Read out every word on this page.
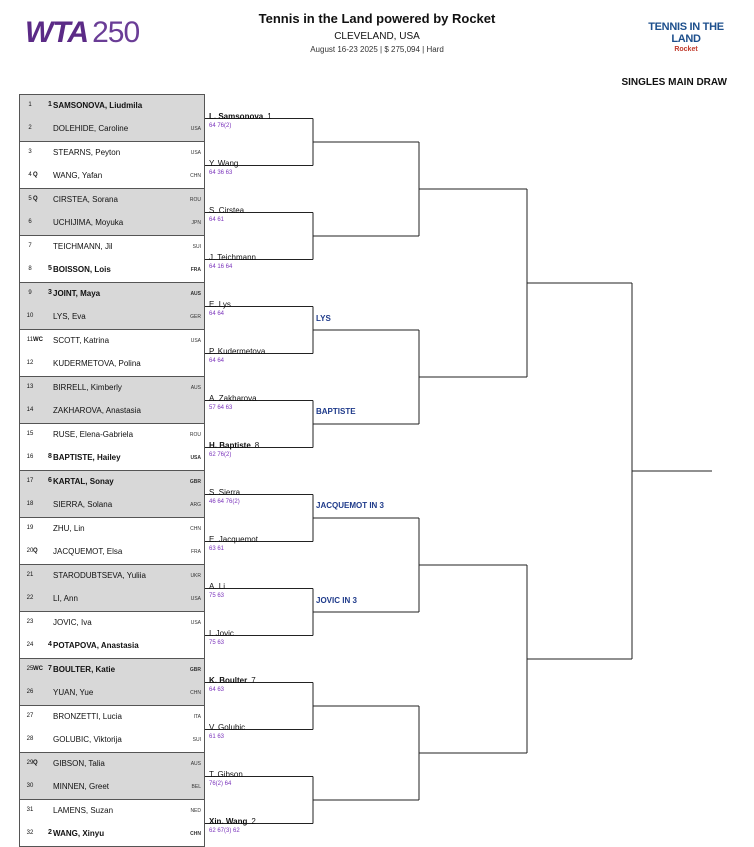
WTA 250	Tennis in the Land powered by Rocket
CLEVELAND, USA
August 16-23 2025 | $ 275,094 | Hard
TENNIS IN THE LAND
Rocket
SINGLES MAIN DRAW
1	1 SAMSONOVA, Liudmila
2	DOLEHIDE, Caroline	USA
3	STEARNS, Peyton	USA
4 Q WANG, Yafan	CHN
5 Q CIRSTEA, Sorana	ROU
6	UCHIJIMA, Moyuka	JPN
7	TEICHMANN, Jil	SUI
8	5 BOISSON, Lois	FRA
9	3 JOINT, Maya	AUS
10	LYS, Eva	GER
11 WC SCOTT, Katrina	USA
12	KUDERMETOVA, Polina
13	BIRRELL, Kimberly	AUS
14	ZAKHAROVA, Anastasia
15	RUSE, Elena-Gabriela	ROU
16	8 BAPTISTE, Hailey	USA
17	6 KARTAL, Sonay	GBR
18	SIERRA, Solana	ARG
19	ZHU, Lin	CHN
20 Q JACQUEMOT, Elsa	FRA
21	STARODUBTSEVA, Yuliia	UKR
22	LI, Ann	USA
23	JOVIC, Iva	USA
24	4 POTAPOVA, Anastasia
25 WC 7 BOULTER, Katie	GBR
26	YUAN, Yue	CHN
27	BRONZETTI, Lucia	ITA
28	GOLUBIC, Viktorija	SUI
29 Q GIBSON, Talia	AUS
30	MINNEN, Greet	BEL
31	LAMENS, Suzan	NED
32	2 WANG, Xinyu	CHN
L. Samsonova 1
64 76(2)
Y. Wang
64 36 63
S. Cirstea
64 61
J. Teichmann
64 16 64
E. Lys
64 64
P. Kudermetova
64 64
A. Zakharova
57 64 63
H. Baptiste 8
62 76(2)
S. Sierra
46 64 76(2)
E. Jacquemot
63 61
A. Li
75 63
I. Jovic
75 63
K. Boulter 7
64 63
V. Golubic
61 63
T. Gibson
76(2) 64
Xin. Wang 2
62 67(3) 62
LYS
BAPTISTE
JACQUEMOT IN 3
JOVIC IN 3
